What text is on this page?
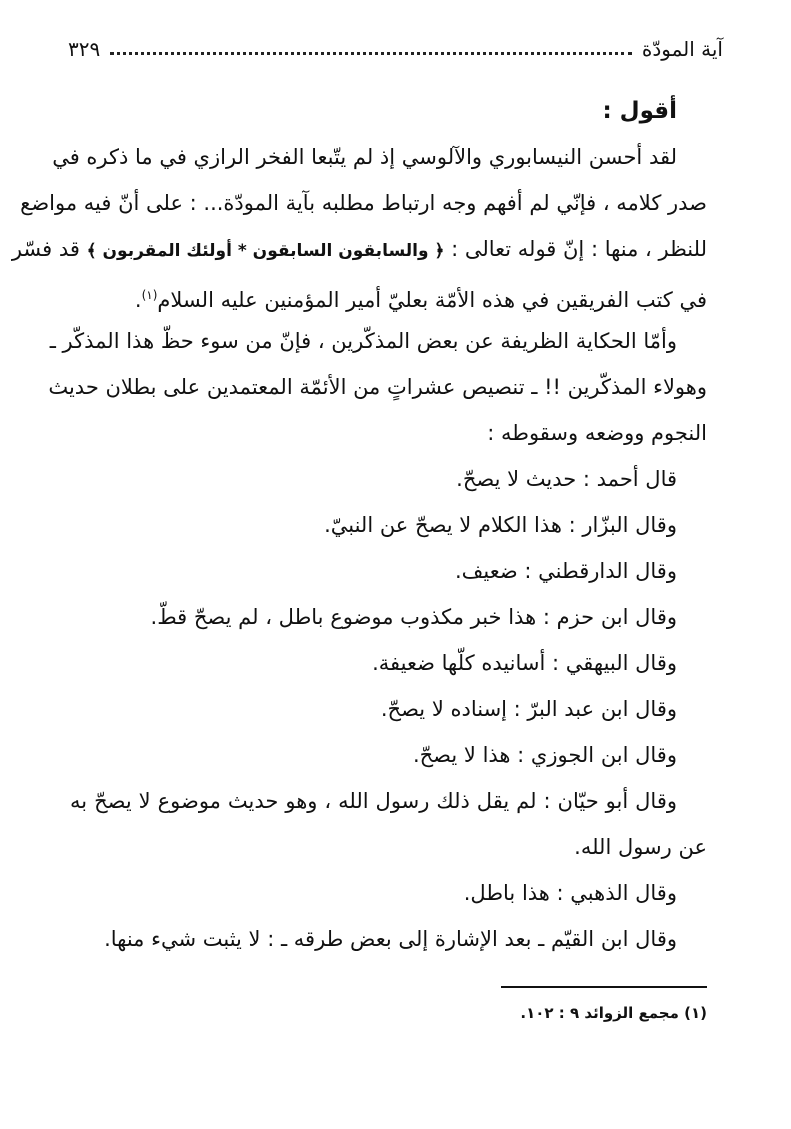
آية المودّة
٣٢٩
أقول :
لقد أحسن النيسابوري والآلوسي إذ لم يتّبعا الفخر الرازي في ما ذكره في
صدر كلامه ، فإنّي لم أفهم وجه ارتباط مطلبه بآية المودّة... : على أنّ فيه مواضع
للنظر ، منها : إنّ قوله تعالى : ﴿ والسابقون السابقون * أولئك المقربون ﴾ قد فسّر
في كتب الفريقين في هذه الأمّة بعليّ أمير المؤمنين عليه السلام$^{(١)}$.
وأمّا الحكاية الظريفة عن بعض المذكّرين ، فإنّ من سوء حظّ هذا المذكّر ـ
وهولاء المذكّرين !! ـ تنصيص عشراتٍ من الأئمّة المعتمدين على بطلان حديث
النجوم ووضعه وسقوطه :
قال أحمد : حديث لا يصحّ.
وقال البزّار : هذا الكلام لا يصحّ عن النبيّ.
وقال الدارقطني : ضعيف.
وقال ابن حزم : هذا خبر مكذوب موضوع باطل ، لم يصحّ قطّ.
وقال البيهقي : أسانيده كلّها ضعيفة.
وقال ابن عبد البرّ : إسناده لا يصحّ.
وقال ابن الجوزي : هذا لا يصحّ.
وقال أبو حيّان : لم يقل ذلك رسول الله ، وهو حديث موضوع لا يصحّ به
عن رسول الله.
وقال الذهبي : هذا باطل.
وقال ابن القيّم ـ بعد الإشارة إلى بعض طرقه ـ : لا يثبت شيء منها.
(١) مجمع الزوائد ٩ : ١٠٢.
